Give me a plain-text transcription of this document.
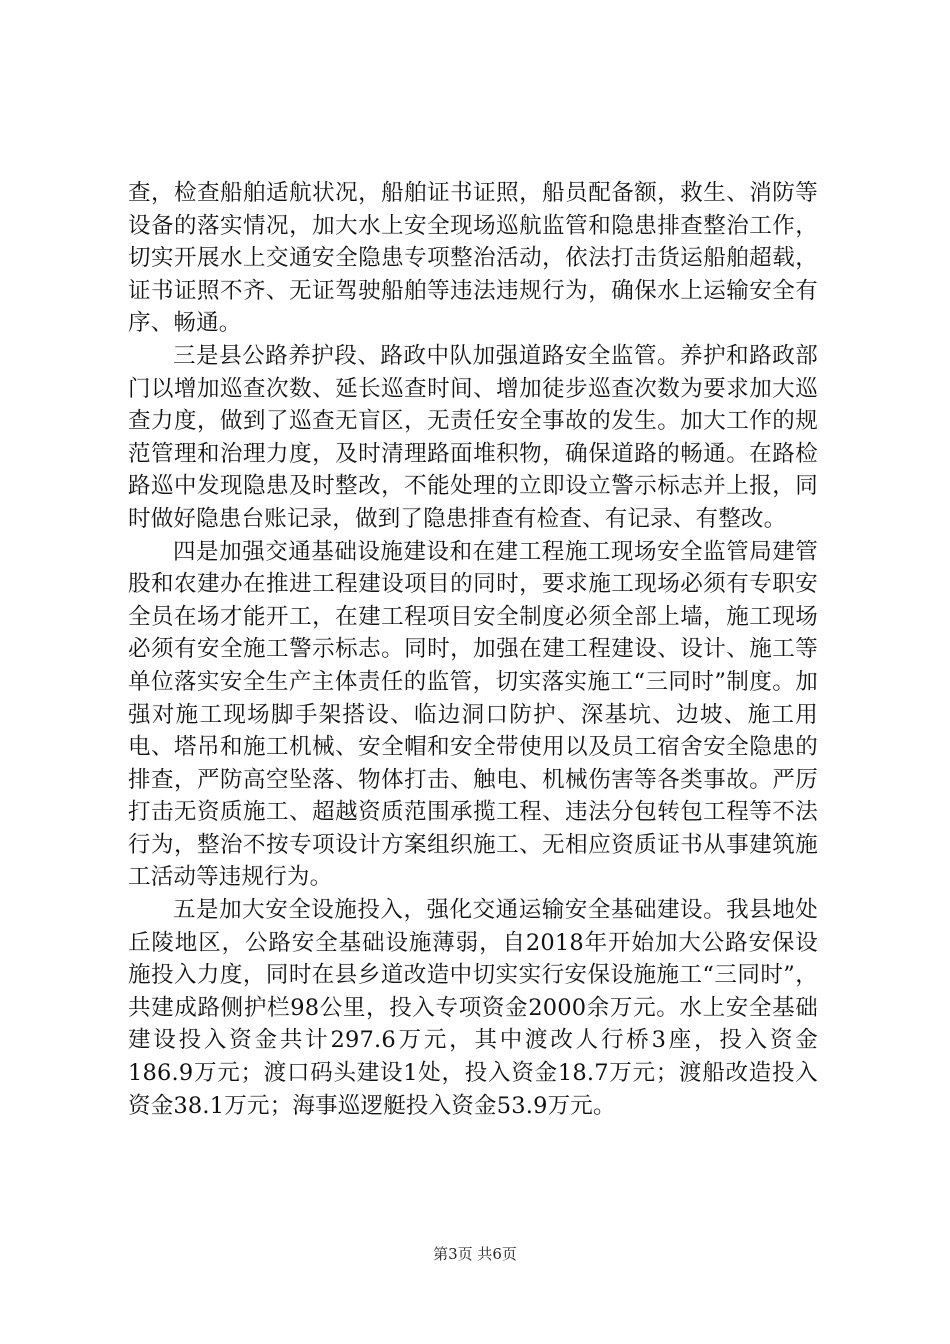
查，检查船舶适航状况，船舶证书证照，船员配备额，救生、消防等设备的落实情况，加大水上安全现场巡航监管和隐患排查整治工作，切实开展水上交通安全隐患专项整治活动，依法打击货运船舶超载，证书证照不齐、无证驾驶船舶等违法违规行为，确保水上运输安全有序、畅通。

三是县公路养护段、路政中队加强道路安全监管。养护和路政部门以增加巡查次数、延长巡查时间、增加徒步巡查次数为要求加大巡查力度，做到了巡查无盲区，无责任安全事故的发生。加大工作的规范管理和治理力度，及时清理路面堆积物，确保道路的畅通。在路检路巡中发现隐患及时整改，不能处理的立即设立警示标志并上报，同时做好隐患台账记录，做到了隐患排查有检查、有记录、有整改。

四是加强交通基础设施建设和在建工程施工现场安全监管局建管股和农建办在推进工程建设项目的同时，要求施工现场必须有专职安全员在场才能开工，在建工程项目安全制度必须全部上墙，施工现场必须有安全施工警示标志。同时，加强在建工程建设、设计、施工等单位落实安全生产主体责任的监管，切实落实施工“三同时”制度。加强对施工现场脚手架搭设、临边洞口防护、深基坑、边坡、施工用电、塔吊和施工机械、安全帽和安全带使用以及员工宿舍安全隐患的排查，严防高空坠落、物体打击、触电、机械伤害等各类事故。严厉打击无资质施工、超越资质范围承揽工程、违法分包转包工程等不法行为，整治不按专项设计方案组织施工、无相应资质证书从事建筑施工活动等违规行为。

五是加大安全设施投入，强化交通运输安全基础建设。我县地处丘陵地区，公路安全基础设施薄弱，自2018年开始加大公路安保设施投入力度，同时在县乡道改造中切实实行安保设施施工“三同时”，共建成路侧护栏98公里，投入专项资金2000余万元。水上安全基础建设投入资金共计297.6万元，其中渡改人行桥3座，投入资金186.9万元；渡口码头建设1处，投入资金18.7万元；渡船改造投入资金38.1万元；海事巡逻艇投入资金53.9万元。

第3页 共6页
